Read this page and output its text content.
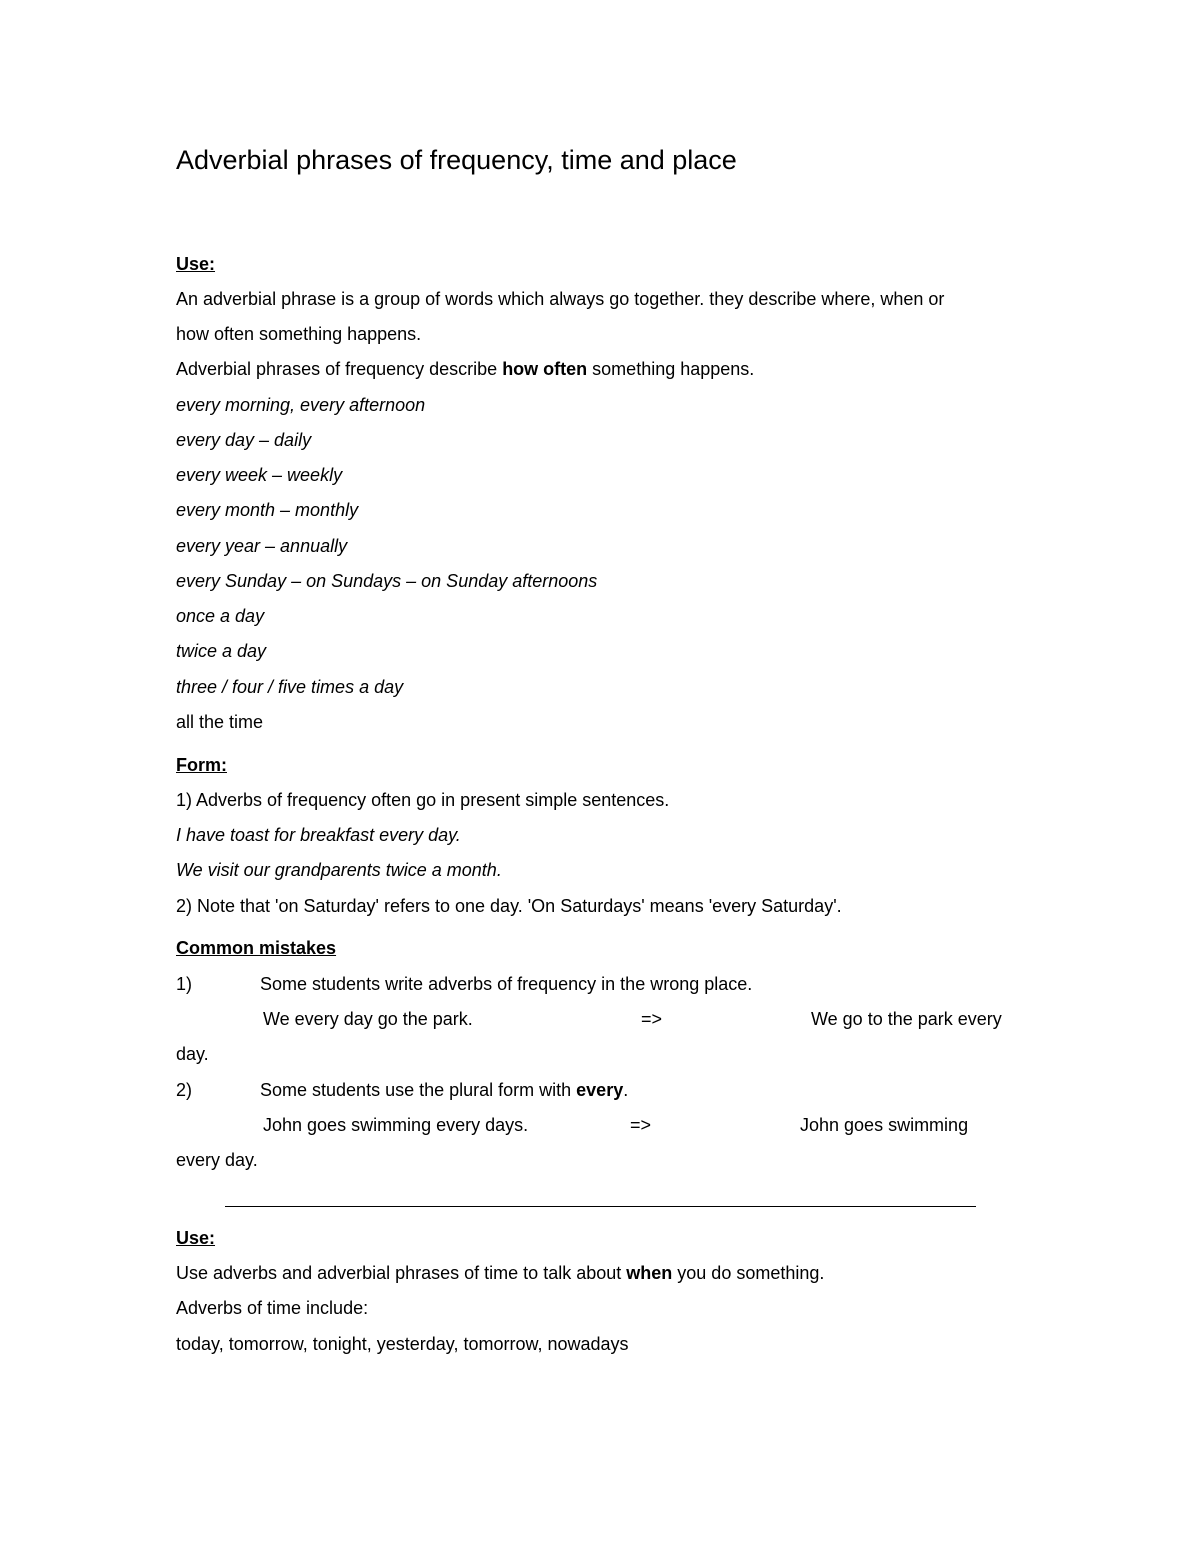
Adverbial phrases of frequency, time and place
Use:
An adverbial phrase is a group of words which always go together. they describe where, when or
how often something happens.
Adverbial phrases of frequency describe how often something happens.
every morning, every afternoon
every day – daily
every week – weekly
every month – monthly
every year – annually
every Sunday – on Sundays – on Sunday afternoons
once a day
twice a day
three / four / five times a day
all the time
Form:
1) Adverbs of frequency often go in present simple sentences.
I have toast for breakfast every day.
We visit our grandparents twice a month.
2) Note that 'on Saturday' refers to one day. 'On Saturdays' means 'every Saturday'.
Common mistakes
1)	Some students write adverbs of frequency in the wrong place.
We every day go the park.	=>	We go to the park every
day.
2)	Some students use the plural form with every.
John goes swimming every days.	=>	John goes swimming
every day.
Use:
Use adverbs and adverbial phrases of time to talk about when you do something.
Adverbs of time include:
today, tomorrow, tonight, yesterday, tomorrow, nowadays
